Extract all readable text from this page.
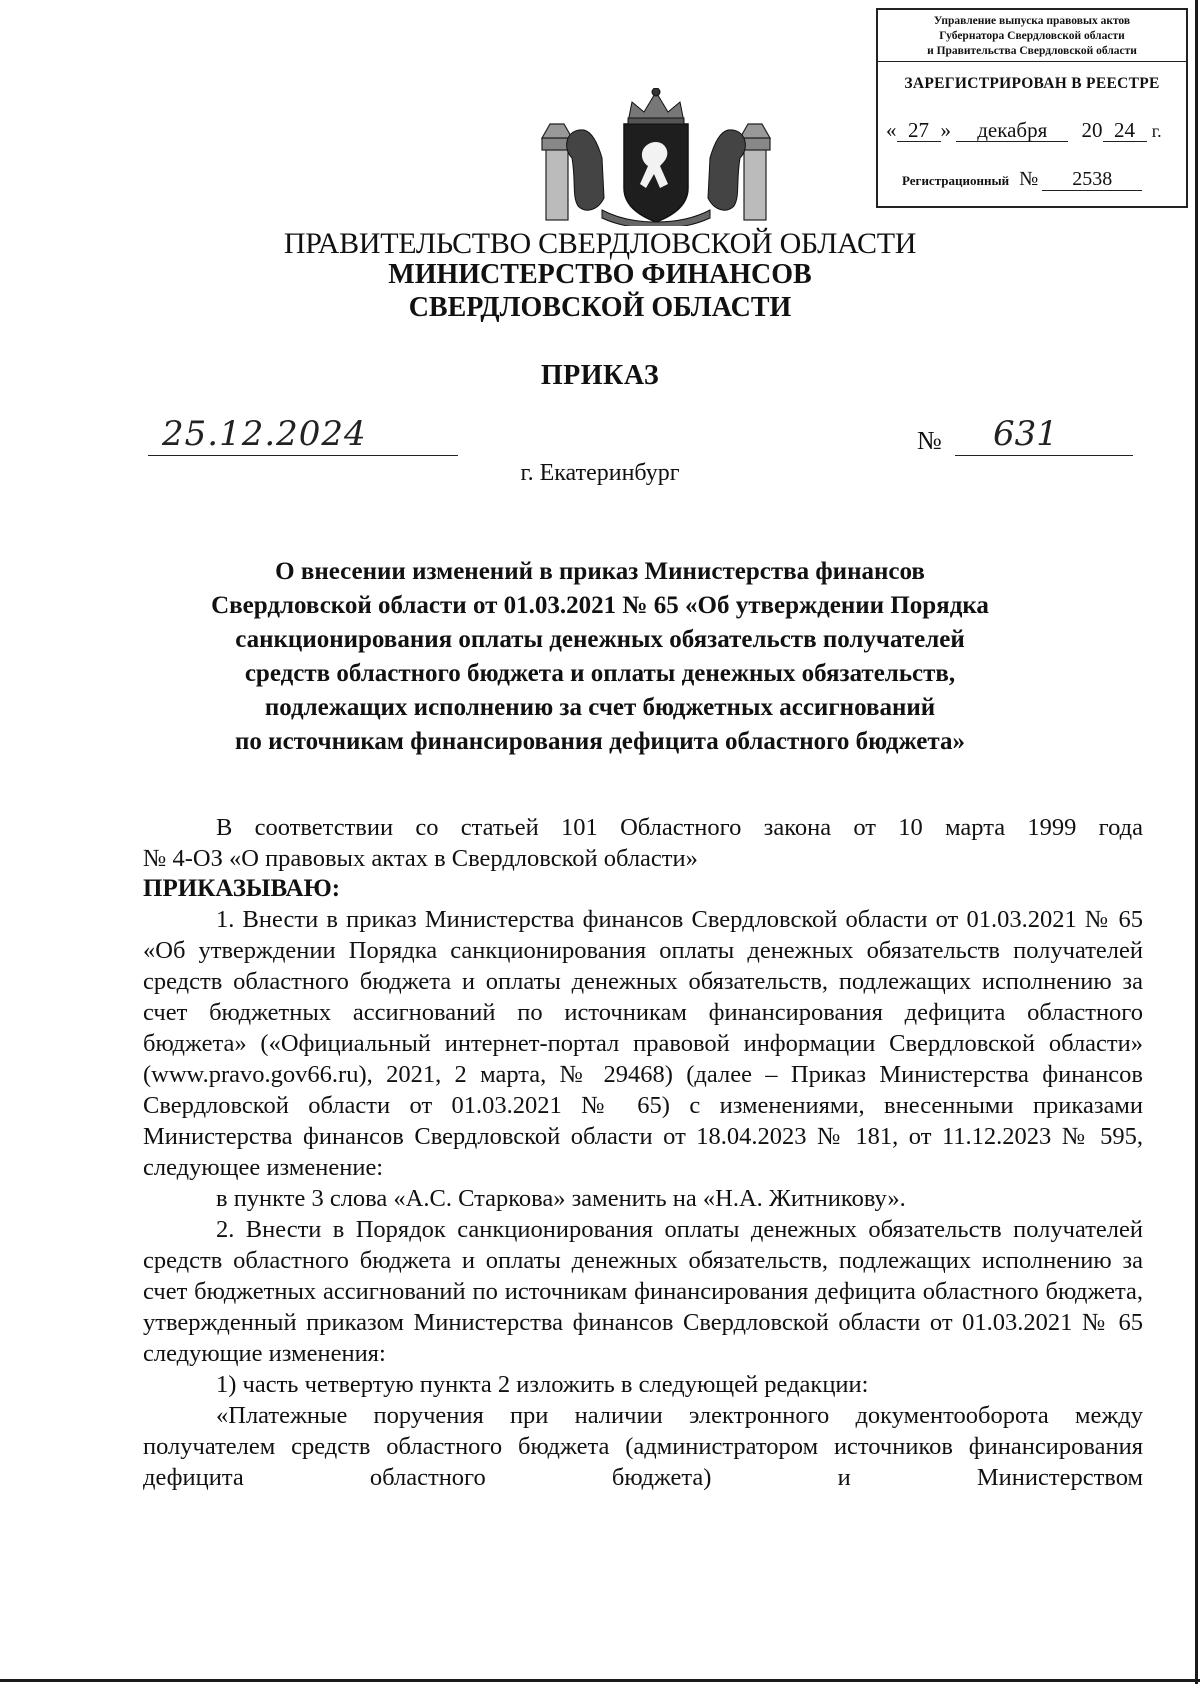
Управление выпуска правовых актов
Губернатора Свердловской области
и Правительства Свердловской области
ЗАРЕГИСТРИРОВАН В РЕЕСТРЕ
« 27 » декабря 20 24 г.
Регистрационный № 2538
ПРАВИТЕЛЬСТВО СВЕРДЛОВСКОЙ ОБЛАСТИ
МИНИСТЕРСТВО ФИНАНСОВ
СВЕРДЛОВСКОЙ ОБЛАСТИ
ПРИКАЗ
25.12.2024	№	631
г. Екатеринбург
О внесении изменений в приказ Министерства финансов
Свердловской области от 01.03.2021 № 65 «Об утверждении Порядка
санкционирования оплаты денежных обязательств получателей
средств областного бюджета и оплаты денежных обязательств,
подлежащих исполнению за счет бюджетных ассигнований
по источникам финансирования дефицита областного бюджета»

В соответствии со статьей 101 Областного закона от 10 марта 1999 года

№ 4-ОЗ «О правовых актах в Свердловской области»

ПРИКАЗЫВАЮ:

1. Внести в приказ Министерства финансов Свердловской области от 01.03.2021 № 65 «Об утверждении Порядка санкционирования оплаты денежных обязательств получателей средств областного бюджета и оплаты денежных обязательств, подлежащих исполнению за счет бюджетных ассигнований по источникам финансирования дефицита областного бюджета» («Официальный интернет-портал правовой информации Свердловской области» (www.pravo.gov66.ru), 2021, 2 марта, № 29468) (далее – Приказ Министерства финансов Свердловской области от 01.03.2021 № 65) с изменениями, внесенными приказами Министерства финансов Свердловской области от 18.04.2023 № 181, от 11.12.2023 № 595, следующее изменение:

в пункте 3 слова «А.С. Старкова» заменить на «Н.А. Житникову».

2. Внести в Порядок санкционирования оплаты денежных обязательств получателей средств областного бюджета и оплаты денежных обязательств, подлежащих исполнению за счет бюджетных ассигнований по источникам финансирования дефицита областного бюджета, утвержденный приказом Министерства финансов Свердловской области от 01.03.2021 № 65 следующие изменения:

1) часть четвертую пункта 2 изложить в следующей редакции:

«Платежные поручения при наличии электронного документооборота между получателем средств областного бюджета (администратором источников финансирования дефицита областного бюджета) и Министерством
